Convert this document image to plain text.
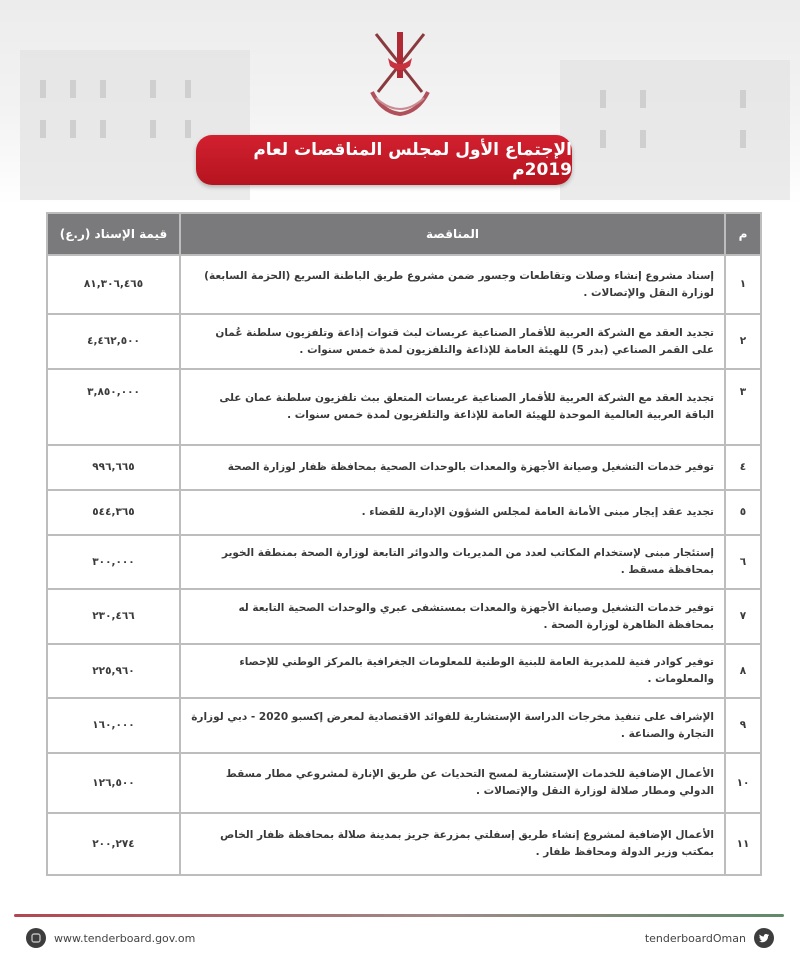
الإجتماع الأول لمجلس المناقصات لعام 2019م
م	المناقصة	قيمة الإسناد (ر.ع)
١	إسناد مشروع إنشاء وصلات وتقاطعات وجسور ضمن مشروع طريق الباطنة السريع (الحزمة السابعة) لوزارة النقل والإتصالات .	٨١,٣٠٦,٤٦٥
٢	تجديد العقد مع الشركة العربية للأقمار الصناعية عربسات لبث قنوات إذاعة وتلفزيون سلطنة عُمان على القمر الصناعي (بدر 5) للهيئة العامة للإذاعة والتلفزيون لمدة خمس سنوات .	٤,٤٦٢,٥٠٠
٣	تجديد العقد مع الشركة العربية للأقمار الصناعية عربسات المتعلق ببث تلفزيون سلطنة عمان على الباقة العربية العالمية الموحدة للهيئة العامة للإذاعة والتلفزيون لمدة خمس سنوات .	٣,٨٥٠,٠٠٠
٤	توفير خدمات التشغيل وصيانة الأجهزة والمعدات بالوحدات الصحية بمحافظة ظفار لوزارة الصحة	٩٩٦,٦٦٥
٥	تجديد عقد إيجار مبنى الأمانة العامة لمجلس الشؤون الإدارية للقضاء .	٥٤٤,٣٦٥
٦	إستئجار مبنى لإستخدام المكاتب لعدد من المديريات والدوائر التابعة لوزارة الصحة بمنطقة الخوير بمحافظة مسقط .	٣٠٠,٠٠٠
٧	توفير خدمات التشغيل وصيانة الأجهزة والمعدات بمستشفى عبري والوحدات الصحية التابعة له بمحافظة الظاهرة لوزارة الصحة .	٢٣٠,٤٦٦
٨	توفير كوادر فنية للمديرية العامة للبنية الوطنية للمعلومات الجغرافية بالمركز الوطني للإحصاء والمعلومات .	٢٢٥,٩٦٠
٩	الإشراف على تنفيذ مخرجات الدراسة الإستشارية للفوائد الاقتصادية لمعرض إكسبو 2020 - دبي لوزارة التجارة والصناعة .	١٦٠,٠٠٠
١٠	الأعمال الإضافية للخدمات الإستشارية لمسح التحديات عن طريق الإنارة لمشروعي مطار مسقط الدولي ومطار صلالة لوزارة النقل والإتصالات .	١٢٦,٥٠٠
١١	الأعمال الإضافية لمشروع إنشاء طريق إسفلتي بمزرعة جريز بمدينة صلالة بمحافظة ظفار الخاص بمكتب وزير الدولة ومحافظ ظفار .	٢٠٠,٢٧٤
www.tenderboard.gov.om	tenderboardOman
